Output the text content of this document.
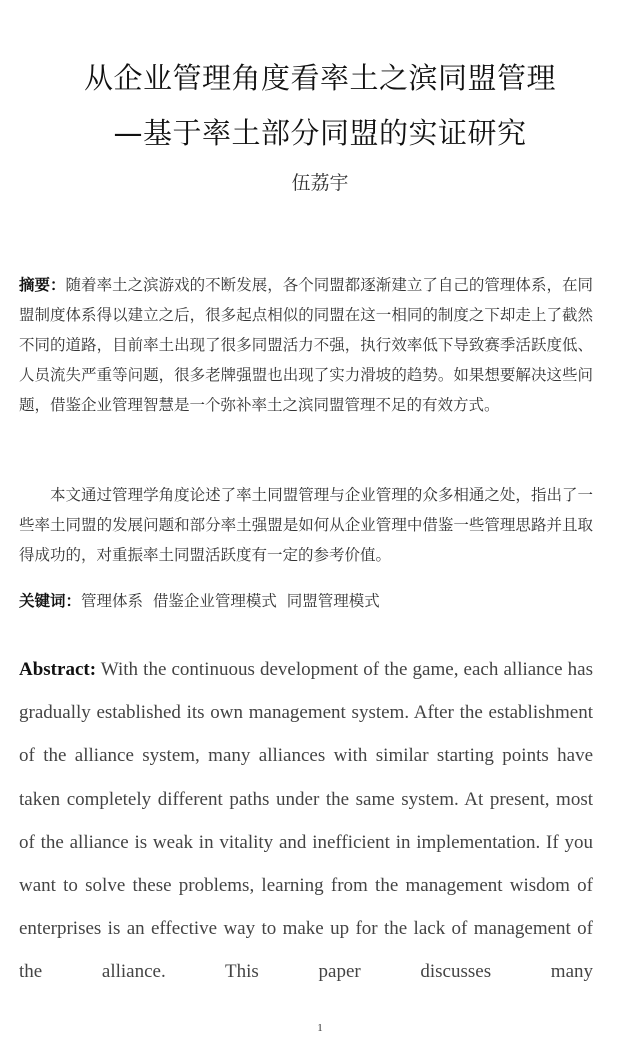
从企业管理角度看率土之滨同盟管理
—基于率土部分同盟的实证研究
伍荔宇
摘要：随着率土之滨游戏的不断发展，各个同盟都逐渐建立了自己的管理体系，在同盟制度体系得以建立之后，很多起点相似的同盟在这一相同的制度之下却走上了截然不同的道路，目前率土出现了很多同盟活力不强，执行效率低下导致赛季活跃度低、人员流失严重等问题，很多老牌强盟也出现了实力滑坡的趋势。如果想要解决这些问题，借鉴企业管理智慧是一个弥补率土之滨同盟管理不足的有效方式。
本文通过管理学角度论述了率土同盟管理与企业管理的众多相通之处，指出了一些率土同盟的发展问题和部分率土强盟是如何从企业管理中借鉴一些管理思路并且取得成功的，对重振率土同盟活跃度有一定的参考价值。
关键词：管理体系  借鉴企业管理模式  同盟管理模式
Abstract: With the continuous development of the game, each alliance has gradually established its own management system. After the establishment of the alliance system, many alliances with similar starting points have taken completely different paths under the same system. At present, most of the alliance is weak in vitality and inefficient in implementation. If you want to solve these problems, learning from the management wisdom of enterprises is an effective way to make up for the lack of management of the alliance. This paper discusses many
1
